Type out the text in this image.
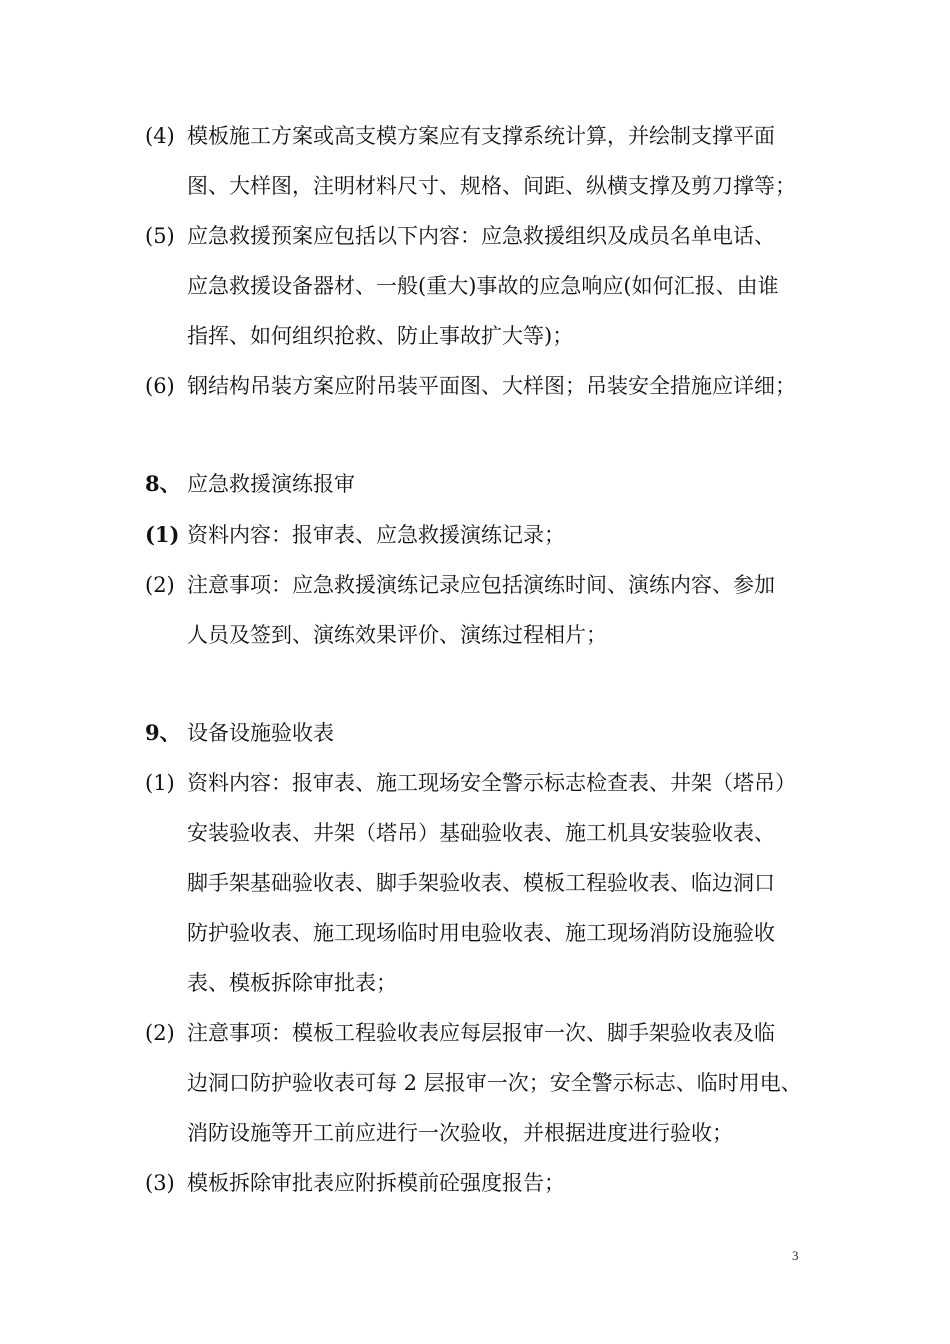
(4) 模板施工方案或高支模方案应有支撑系统计算，并绘制支撑平面
图、大样图，注明材料尺寸、规格、间距、纵横支撑及剪刀撑等；
(5) 应急救援预案应包括以下内容：应急救援组织及成员名单电话、
应急救援设备器材、一般(重大)事故的应急响应(如何汇报、由谁
指挥、如何组织抢救、防止事故扩大等)；
(6) 钢结构吊装方案应附吊装平面图、大样图；吊装安全措施应详细；
8、 应急救援演练报审
(1) 资料内容：报审表、应急救援演练记录；
(2) 注意事项：应急救援演练记录应包括演练时间、演练内容、参加
人员及签到、演练效果评价、演练过程相片；
9、 设备设施验收表
(1) 资料内容：报审表、施工现场安全警示标志检查表、井架（塔吊）
安装验收表、井架（塔吊）基础验收表、施工机具安装验收表、
脚手架基础验收表、脚手架验收表、模板工程验收表、临边洞口
防护验收表、施工现场临时用电验收表、施工现场消防设施验收
表、模板拆除审批表；
(2) 注意事项：模板工程验收表应每层报审一次、脚手架验收表及临
边洞口防护验收表可每 2 层报审一次；安全警示标志、临时用电、
消防设施等开工前应进行一次验收，并根据进度进行验收；
(3) 模板拆除审批表应附拆模前砼强度报告；
3
